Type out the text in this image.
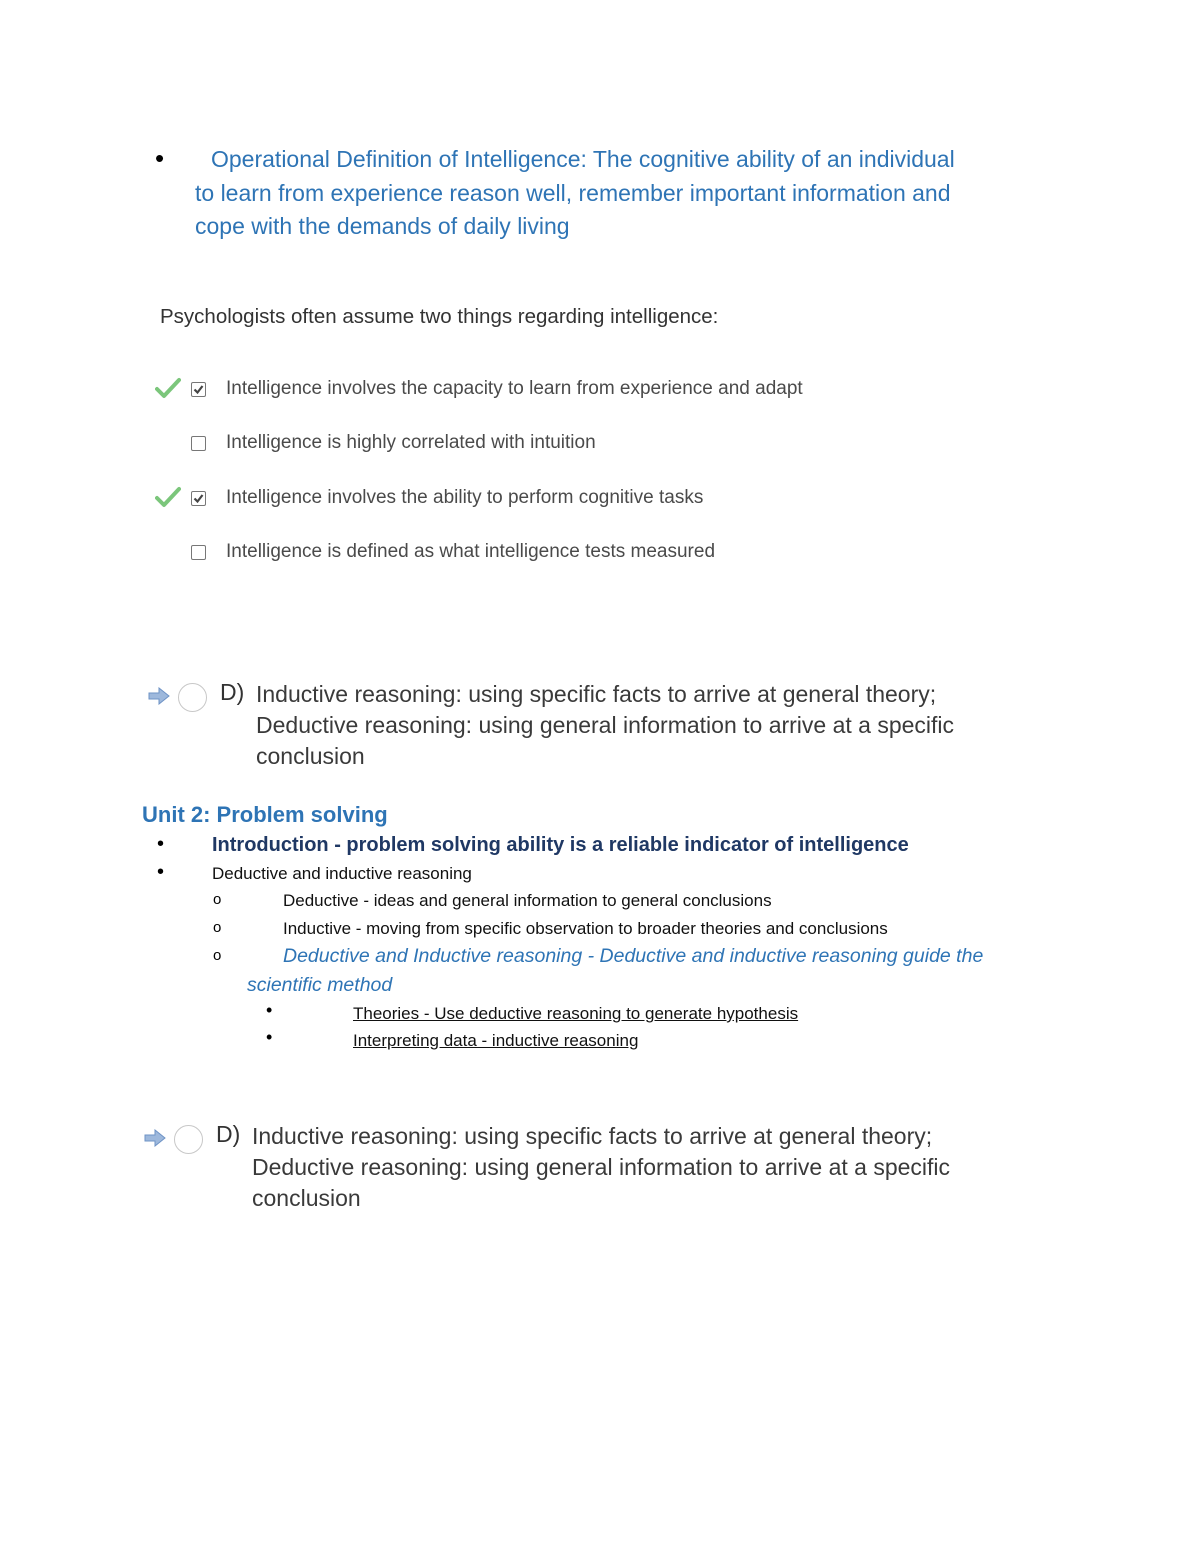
•	Operational Definition of Intelligence: The cognitive ability of an individual
to learn from experience reason well, remember important information and
cope with the demands of daily living
Psychologists often assume two things regarding intelligence:
Intelligence involves the capacity to learn from experience and adapt
Intelligence is highly correlated with intuition
Intelligence involves the ability to perform cognitive tasks
Intelligence is defined as what intelligence tests measured
D) Inductive reasoning: using specific facts to arrive at general theory;
Deductive reasoning: using general information to arrive at a specific
conclusion
Unit 2: Problem solving
• Introduction - problem solving ability is a reliable indicator of intelligence
•	Deductive and inductive reasoning
o	Deductive - ideas and general information to general conclusions
o	Inductive - moving from specific observation to broader theories and conclusions
o	Deductive and Inductive reasoning - Deductive and inductive reasoning guide the
scientific method
•	Theories - Use deductive reasoning to generate hypothesis
•	Interpreting data - inductive reasoning
D) Inductive reasoning: using specific facts to arrive at general theory;
Deductive reasoning: using general information to arrive at a specific
conclusion
